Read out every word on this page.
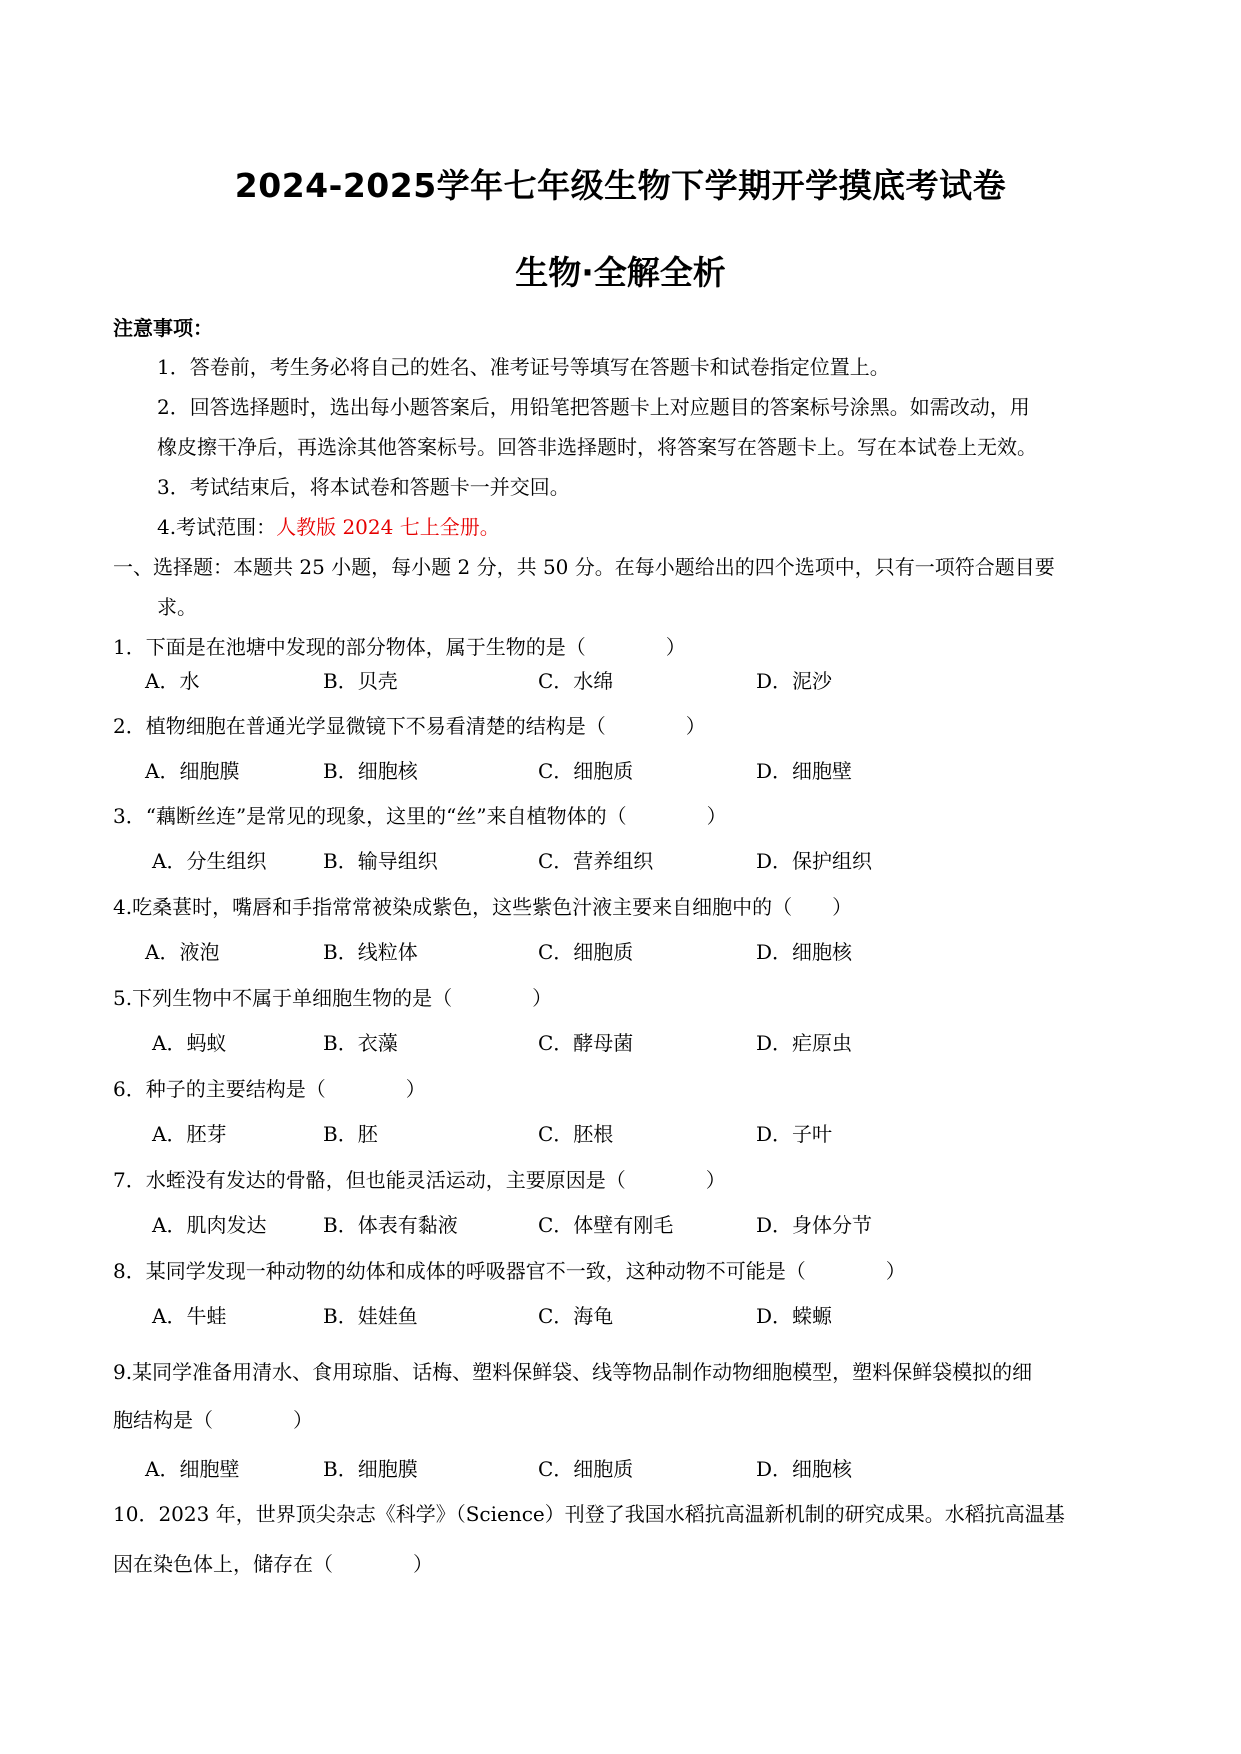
2024-2025学年七年级生物下学期开学摸底考试卷
生物·全解全析
注意事项：
1．答卷前，考生务必将自己的姓名、准考证号等填写在答题卡和试卷指定位置上。
2．回答选择题时，选出每小题答案后，用铅笔把答题卡上对应题目的答案标号涂黑。如需改动，用
橡皮擦干净后，再选涂其他答案标号。回答非选择题时，将答案写在答题卡上。写在本试卷上无效。
3．考试结束后，将本试卷和答题卡一并交回。
4.考试范围：人教版 2024 七上全册。
一、选择题：本题共 25 小题，每小题 2 分，共 50 分。在每小题给出的四个选项中，只有一项符合题目要
求。
1．下面是在池塘中发现的部分物体，属于生物的是（　　　　）
A．水	B．贝壳	C．水绵	D．泥沙
2．植物细胞在普通光学显微镜下不易看清楚的结构是（　　　　）
A．细胞膜	B．细胞核	C．细胞质	D．细胞壁
3．“藕断丝连”是常见的现象，这里的“丝”来自植物体的（　　　　）
A．分生组织	B．输导组织	C．营养组织	D．保护组织
4.吃桑葚时，嘴唇和手指常常被染成紫色，这些紫色汁液主要来自细胞中的（　　）
A．液泡	B．线粒体	C．细胞质	D．细胞核
5.下列生物中不属于单细胞生物的是（　　　　）
A．蚂蚁	B．衣藻	C．酵母菌	D．疟原虫
6．种子的主要结构是（　　　　）
A．胚芽	B．胚	C．胚根	D．子叶
7．水蛭没有发达的骨骼，但也能灵活运动，主要原因是（　　　　）
A．肌肉发达	B．体表有黏液	C．体壁有刚毛	D．身体分节
8．某同学发现一种动物的幼体和成体的呼吸器官不一致，这种动物不可能是（　　　　）
A．牛蛙	B．娃娃鱼	C．海龟	D．蝾螈
9.某同学准备用清水、食用琼脂、话梅、塑料保鲜袋、线等物品制作动物细胞模型，塑料保鲜袋模拟的细
胞结构是（　　　　）
A．细胞壁	B．细胞膜	C．细胞质	D．细胞核
10．2023 年，世界顶尖杂志《科学》（Science）刊登了我国水稻抗高温新机制的研究成果。水稻抗高温基
因在染色体上，储存在（　　　　）
